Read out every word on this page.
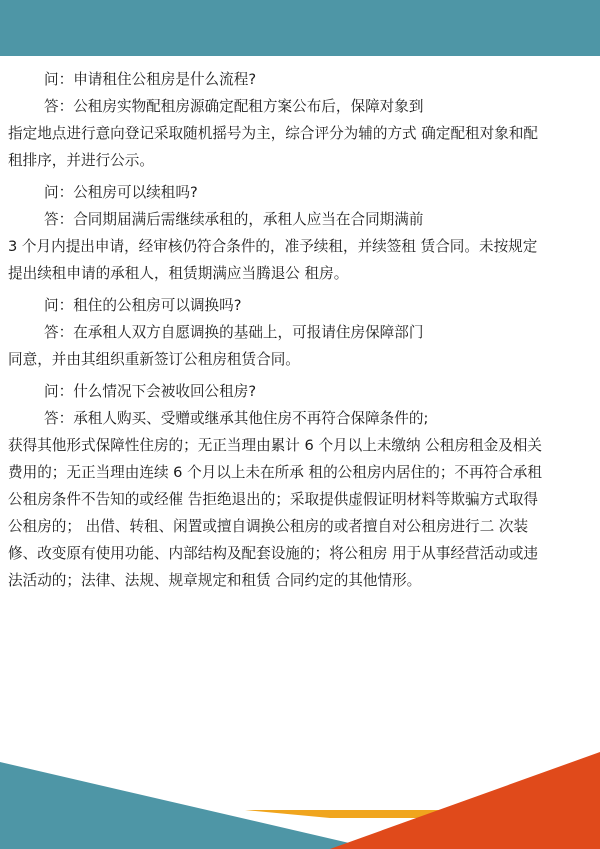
问：申请租住公租房是什么流程?
答：公租房实物配租房源确定配租方案公布后，保障对象到
指定地点进行意向登记采取随机摇号为主，综合评分为辅的方式 确定配租对象和配
租排序，并进行公示。
问：公租房可以续租吗?
答：合同期届满后需继续承租的，承租人应当在合同期满前
3 个月内提出申请，经审核仍符合条件的，准予续租，并续签租 赁合同。未按规定
提出续租申请的承租人，租赁期满应当腾退公 租房。
问：租住的公租房可以调换吗?
答：在承租人双方自愿调换的基础上，可报请住房保障部门
同意，并由其组织重新签订公租房租赁合同。
问：什么情况下会被收回公租房?
答：承租人购买、受赠或继承其他住房不再符合保障条件的;
获得其他形式保障性住房的；无正当理由累计 6 个月以上未缴纳 公租房租金及相关
费用的；无正当理由连续 6 个月以上未在所承 租的公租房内居住的；不再符合承租
公租房条件不告知的或经催 告拒绝退出的；采取提供虚假证明材料等欺骗方式取得
公租房的； 出借、转租、闲置或擅自调换公租房的或者擅自对公租房进行二 次装
修、改变原有使用功能、内部结构及配套设施的；将公租房 用于从事经营活动或违
法活动的；法律、法规、规章规定和租赁 合同约定的其他情形。
